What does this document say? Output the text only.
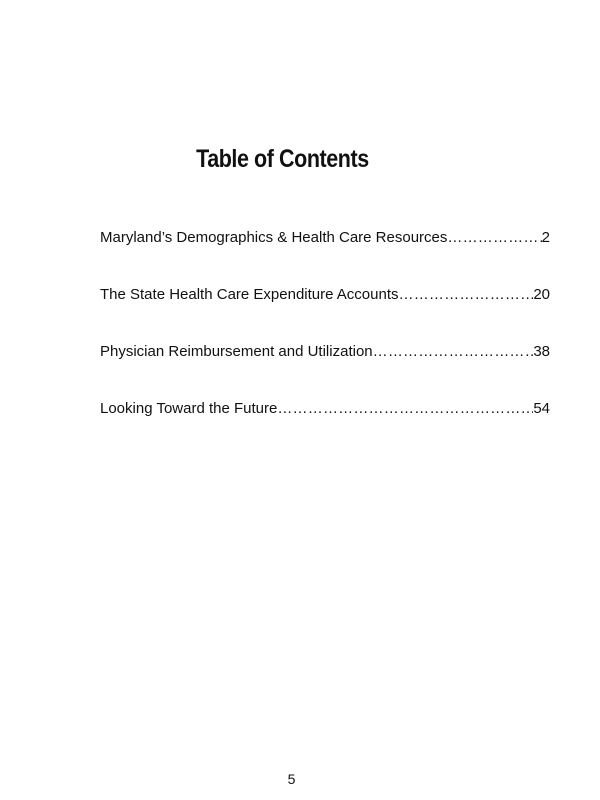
Table of Contents
Maryland’s Demographics & Health Care Resources ……………………………………………………………………………………………………………………………………	2
The State Health Care Expenditure Accounts ……………………………………………………………………………………………………………………………………	20
Physician Reimbursement and Utilization ……………………………………………………………………………………………………………………………………	38
Looking Toward the Future ……………………………………………………………………………………………………………………………………	54
5
